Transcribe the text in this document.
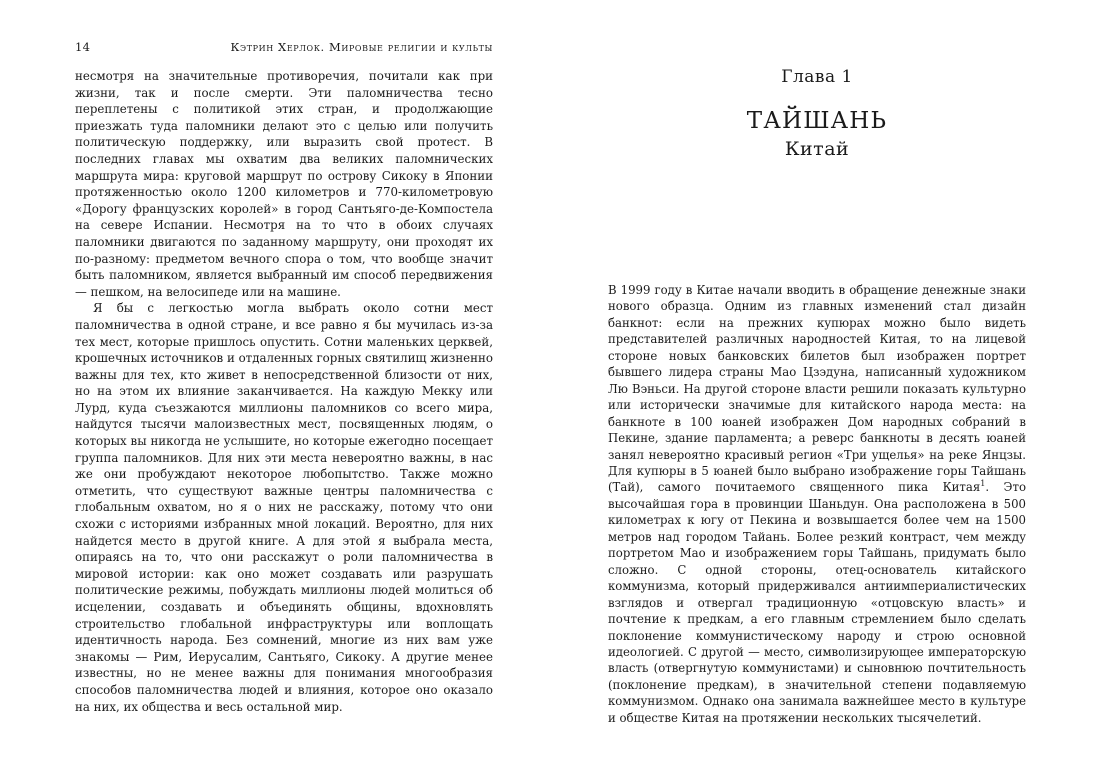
14	Кэтрин Херлок. Мировые религии и культы

несмотря на значительные противоречия, почитали как при жизни, так и после смерти. Эти паломничества тесно переплетены с политикой этих стран, и продолжающие приезжать туда паломники делают это с целью или получить политическую поддержку, или выразить свой протест. В последних главах мы охватим два великих паломнических маршрута мира: круговой маршрут по острову Сикоку в Японии протяженностью около 1200 километров и 770-километровую «Дорогу французских королей» в город Сантьяго-де-Компостела на севере Испании. Несмотря на то что в обоих случаях паломники двигаются по заданному маршруту, они проходят их по-разному: предметом вечного спора о том, что вообще значит быть паломником, является выбранный им способ передвижения — пешком, на велосипеде или на машине.

Я бы с легкостью могла выбрать около сотни мест паломничества в одной стране, и все равно я бы мучилась из-за тех мест, которые пришлось опустить. Сотни маленьких церквей, крошечных источников и отдаленных горных святилищ жизненно важны для тех, кто живет в непосредственной близости от них, но на этом их влияние заканчивается. На каждую Мекку или Лурд, куда съезжаются миллионы паломников со всего мира, найдутся тысячи малоизвестных мест, посвященных людям, о которых вы никогда не услышите, но которые ежегодно посещает группа паломников. Для них эти места невероятно важны, в нас же они пробуждают некоторое любопытство. Также можно отметить, что существуют важные центры паломничества с глобальным охватом, но я о них не расскажу, потому что они схожи с историями избранных мной локаций. Вероятно, для них найдется место в другой книге. А для этой я выбрала места, опираясь на то, что они расскажут о роли паломничества в мировой истории: как оно может создавать или разрушать политические режимы, побуждать миллионы людей молиться об исцелении, создавать и объединять общины, вдохновлять строительство глобальной инфраструктуры или воплощать идентичность народа. Без сомнений, многие из них вам уже знакомы — Рим, Иерусалим, Сантьяго, Сикоку. А другие менее известны, но не менее важны для понимания многообразия способов паломничества людей и влияния, которое оно оказало на них, их общества и весь остальной мир.

Глава 1
ТАЙШАНЬ
Китай

В 1999 году в Китае начали вводить в обращение денежные знаки нового образца. Одним из главных изменений стал дизайн банкнот: если на прежних купюрах можно было видеть представителей различных народностей Китая, то на лицевой стороне новых банковских билетов был изображен портрет бывшего лидера страны Мао Цзэдуна, написанный художником Лю Вэньси. На другой стороне власти решили показать культурно или исторически значимые для китайского народа места: на банкноте в 100 юаней изображен Дом народных собраний в Пекине, здание парламента; а реверс банкноты в десять юаней занял невероятно красивый регион «Три ущелья» на реке Янцзы. Для купюры в 5 юаней было выбрано изображение горы Тайшань (Тай), самого почитаемого священного пика Китая$^1$. Это высочайшая гора в провинции Шаньдун. Она расположена в 500 километрах к югу от Пекина и возвышается более чем на 1500 метров над городом Тайань. Более резкий контраст, чем между портретом Мао и изображением горы Тайшань, придумать было сложно. С одной стороны, отец-основатель китайского коммунизма, который придерживался антиимпериалистических взглядов и отвергал традиционную «отцовскую власть» и почтение к предкам, а его главным стремлением было сделать поклонение коммунистическому народу и строю основной идеологией. С другой — место, символизирующее императорскую власть (отвергнутую коммунистами) и сыновнюю почтительность (поклонение предкам), в значительной степени подавляемую коммунизмом. Однако она занимала важнейшее место в культуре и обществе Китая на протяжении нескольких тысячелетий.
